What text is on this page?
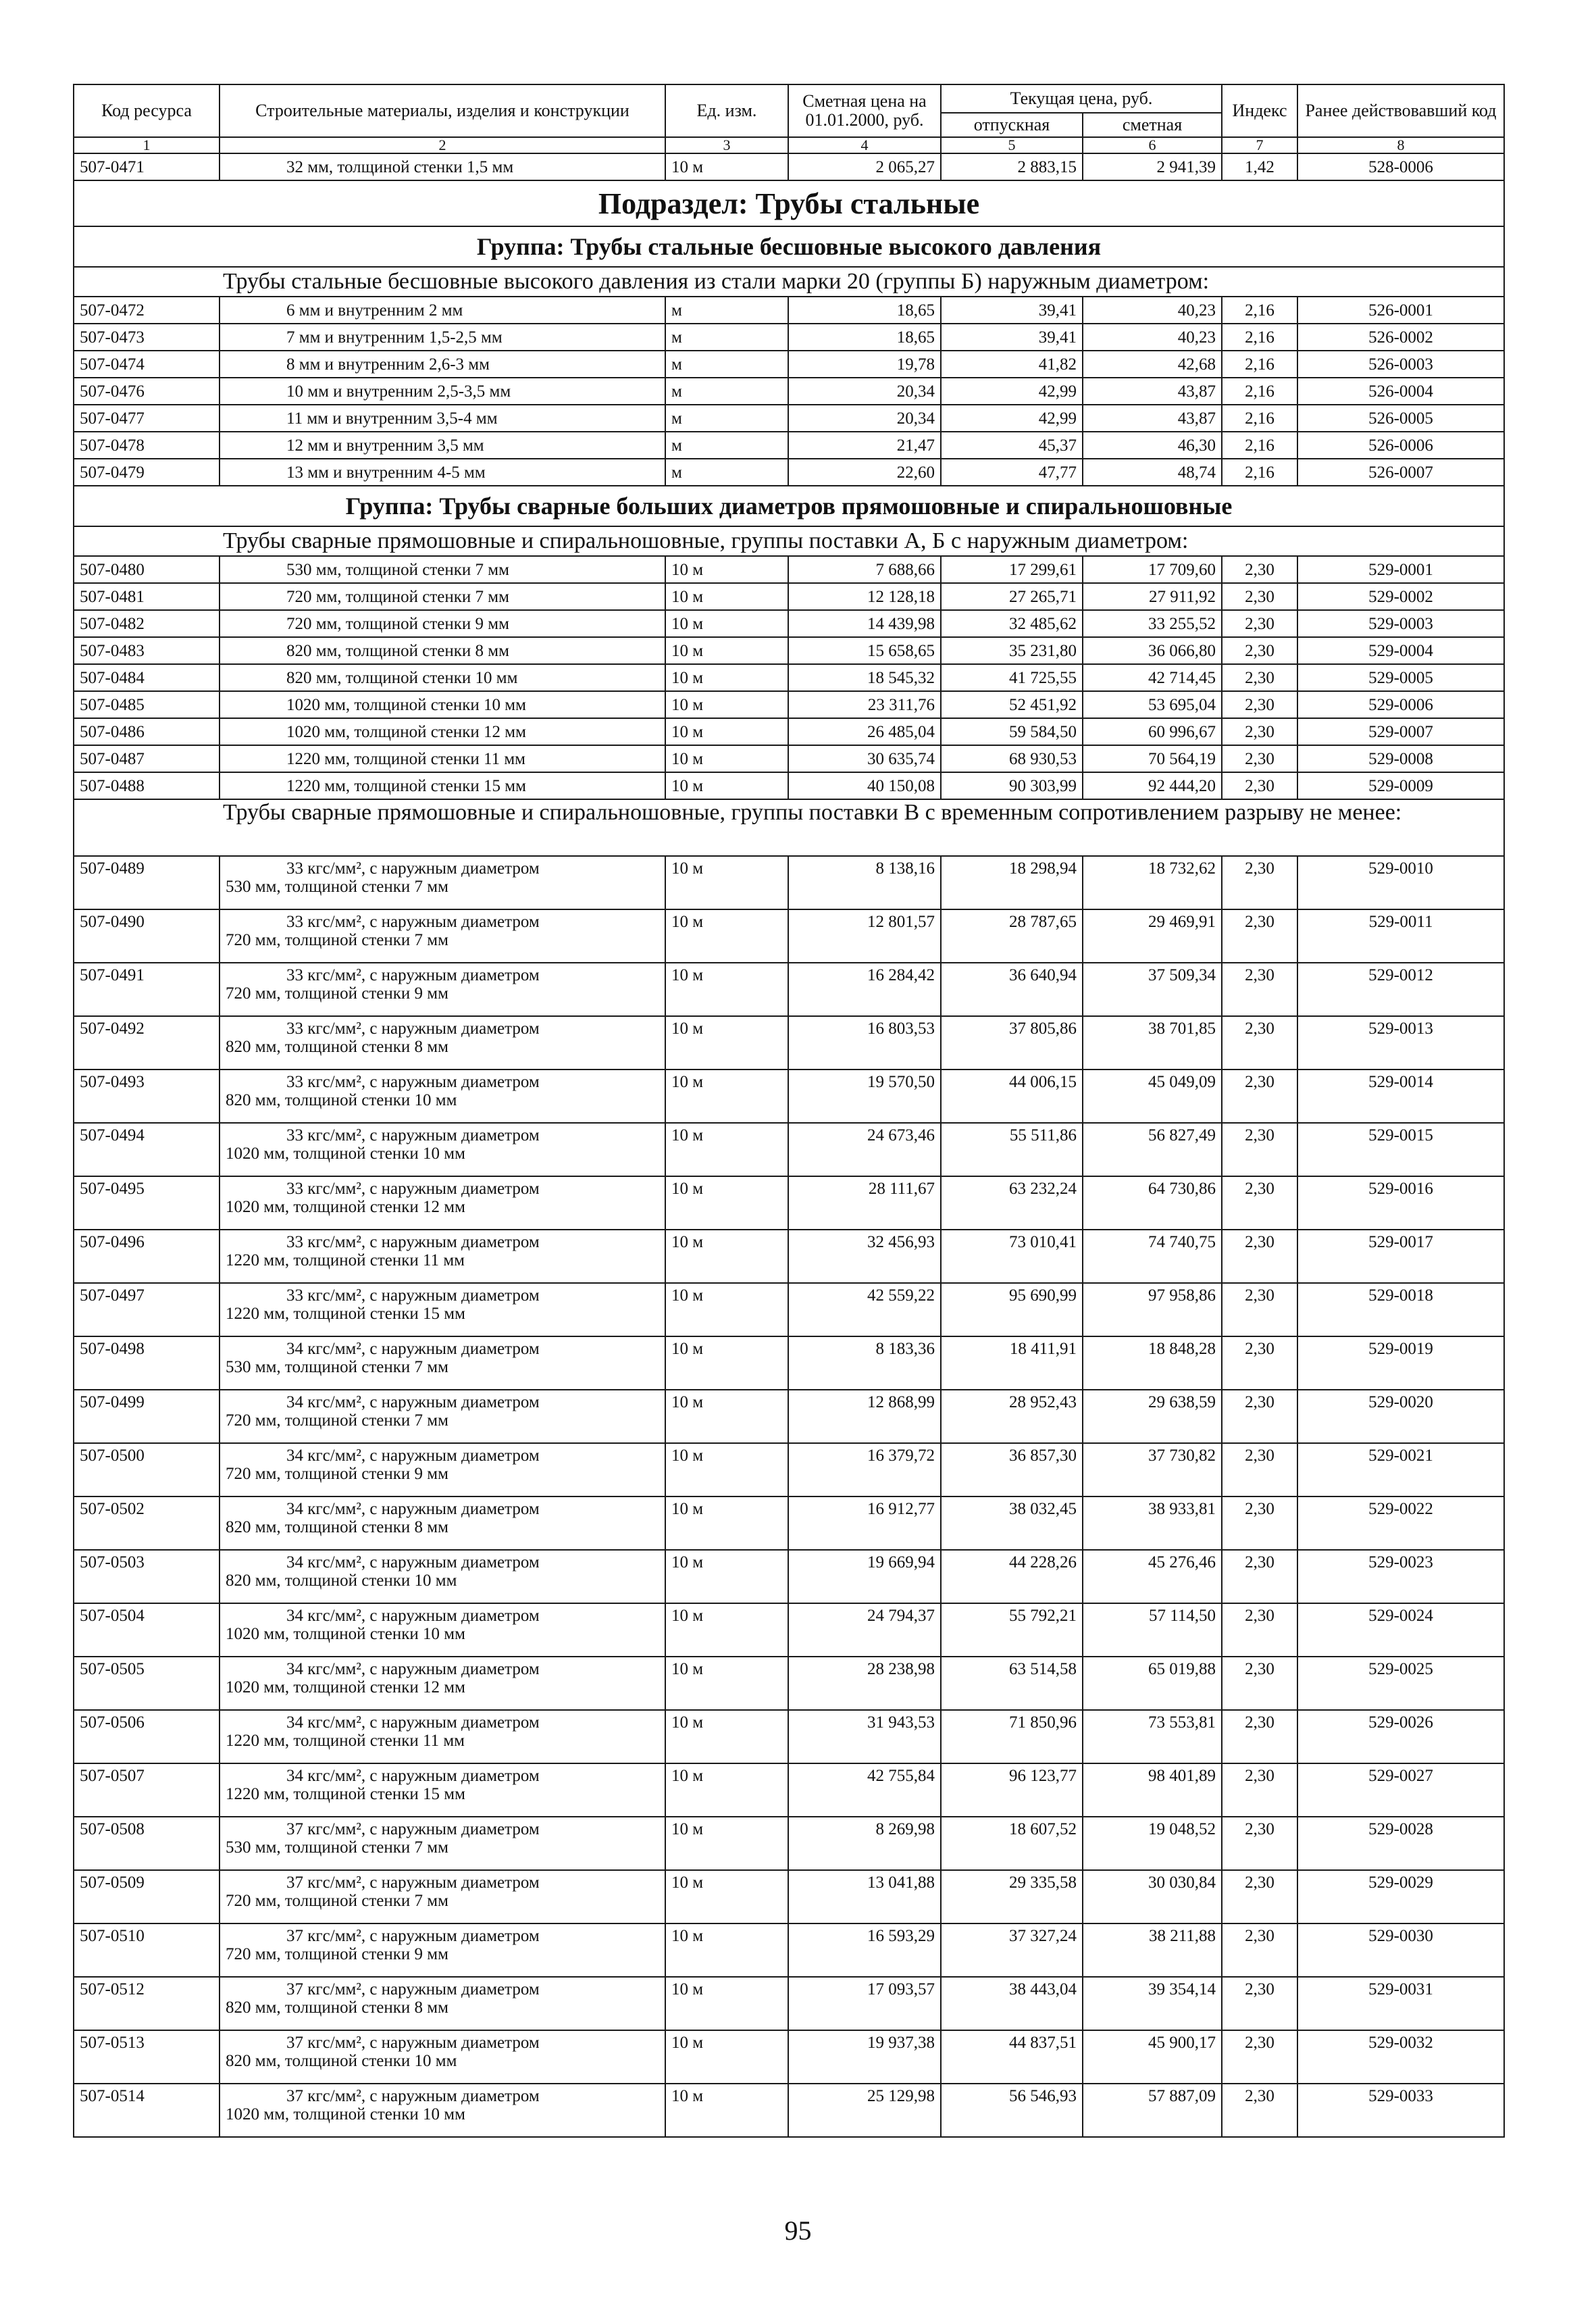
Код ресурса	Строительные материалы, изделия и конструкции	Ед. изм.	Сметная цена на 01.01.2000, руб.	Текущая цена, руб.		Индекс	Ранее действовавший код
				отпускная	сметная		
1	2	3	4	5	6	7	8
507-0471	32 мм, толщиной стенки 1,5 мм	10 м	2 065,27	2 883,15	2 941,39	1,42	528-0006
Подраздел: Трубы стальные							
Группа: Трубы стальные бесшовные высокого давления							
Трубы стальные бесшовные высокого давления из стали марки 20 (группы Б) наружным диаметром:							
507-0472	6 мм и внутренним 2 мм	м	18,65	39,41	40,23	2,16	526-0001
507-0473	7 мм и внутренним 1,5-2,5 мм	м	18,65	39,41	40,23	2,16	526-0002
507-0474	8 мм и внутренним 2,6-3 мм	м	19,78	41,82	42,68	2,16	526-0003
507-0476	10 мм и внутренним 2,5-3,5 мм	м	20,34	42,99	43,87	2,16	526-0004
507-0477	11 мм и внутренним 3,5-4 мм	м	20,34	42,99	43,87	2,16	526-0005
507-0478	12 мм и внутренним 3,5 мм	м	21,47	45,37	46,30	2,16	526-0006
507-0479	13 мм и внутренним 4-5 мм	м	22,60	47,77	48,74	2,16	526-0007
Группа: Трубы сварные больших диаметров прямошовные и спиральношовные							
Трубы сварные прямошовные и спиральношовные, группы поставки А, Б с наружным диаметром:							
507-0480	530 мм, толщиной стенки 7 мм	10 м	7 688,66	17 299,61	17 709,60	2,30	529-0001
507-0481	720 мм, толщиной стенки 7 мм	10 м	12 128,18	27 265,71	27 911,92	2,30	529-0002
507-0482	720 мм, толщиной стенки 9 мм	10 м	14 439,98	32 485,62	33 255,52	2,30	529-0003
507-0483	820 мм, толщиной стенки 8 мм	10 м	15 658,65	35 231,80	36 066,80	2,30	529-0004
507-0484	820 мм, толщиной стенки 10 мм	10 м	18 545,32	41 725,55	42 714,45	2,30	529-0005
507-0485	1020 мм, толщиной стенки 10 мм	10 м	23 311,76	52 451,92	53 695,04	2,30	529-0006
507-0486	1020 мм, толщиной стенки 12 мм	10 м	26 485,04	59 584,50	60 996,67	2,30	529-0007
507-0487	1220 мм, толщиной стенки 11 мм	10 м	30 635,74	68 930,53	70 564,19	2,30	529-0008
507-0488	1220 мм, толщиной стенки 15 мм	10 м	40 150,08	90 303,99	92 444,20	2,30	529-0009
Трубы сварные прямошовные и спиральношовные, группы поставки В с временным сопротивлением разрыву не менее:							
507-0489	33 кгс/мм², с наружным диаметром
530 мм, толщиной стенки 7 мм	10 м	8 138,16	18 298,94	18 732,62	2,30	529-0010
507-0490	33 кгс/мм², с наружным диаметром
720 мм, толщиной стенки 7 мм	10 м	12 801,57	28 787,65	29 469,91	2,30	529-0011
507-0491	33 кгс/мм², с наружным диаметром
720 мм, толщиной стенки 9 мм	10 м	16 284,42	36 640,94	37 509,34	2,30	529-0012
507-0492	33 кгс/мм², с наружным диаметром
820 мм, толщиной стенки 8 мм	10 м	16 803,53	37 805,86	38 701,85	2,30	529-0013
507-0493	33 кгс/мм², с наружным диаметром
820 мм, толщиной стенки 10 мм	10 м	19 570,50	44 006,15	45 049,09	2,30	529-0014
507-0494	33 кгс/мм², с наружным диаметром
1020 мм, толщиной стенки 10 мм	10 м	24 673,46	55 511,86	56 827,49	2,30	529-0015
507-0495	33 кгс/мм², с наружным диаметром
1020 мм, толщиной стенки 12 мм	10 м	28 111,67	63 232,24	64 730,86	2,30	529-0016
507-0496	33 кгс/мм², с наружным диаметром
1220 мм, толщиной стенки 11 мм	10 м	32 456,93	73 010,41	74 740,75	2,30	529-0017
507-0497	33 кгс/мм², с наружным диаметром
1220 мм, толщиной стенки 15 мм	10 м	42 559,22	95 690,99	97 958,86	2,30	529-0018
507-0498	34 кгс/мм², с наружным диаметром
530 мм, толщиной стенки 7 мм	10 м	8 183,36	18 411,91	18 848,28	2,30	529-0019
507-0499	34 кгс/мм², с наружным диаметром
720 мм, толщиной стенки 7 мм	10 м	12 868,99	28 952,43	29 638,59	2,30	529-0020
507-0500	34 кгс/мм², с наружным диаметром
720 мм, толщиной стенки 9 мм	10 м	16 379,72	36 857,30	37 730,82	2,30	529-0021
507-0502	34 кгс/мм², с наружным диаметром
820 мм, толщиной стенки 8 мм	10 м	16 912,77	38 032,45	38 933,81	2,30	529-0022
507-0503	34 кгс/мм², с наружным диаметром
820 мм, толщиной стенки 10 мм	10 м	19 669,94	44 228,26	45 276,46	2,30	529-0023
507-0504	34 кгс/мм², с наружным диаметром
1020 мм, толщиной стенки 10 мм	10 м	24 794,37	55 792,21	57 114,50	2,30	529-0024
507-0505	34 кгс/мм², с наружным диаметром
1020 мм, толщиной стенки 12 мм	10 м	28 238,98	63 514,58	65 019,88	2,30	529-0025
507-0506	34 кгс/мм², с наружным диаметром
1220 мм, толщиной стенки 11 мм	10 м	31 943,53	71 850,96	73 553,81	2,30	529-0026
507-0507	34 кгс/мм², с наружным диаметром
1220 мм, толщиной стенки 15 мм	10 м	42 755,84	96 123,77	98 401,89	2,30	529-0027
507-0508	37 кгс/мм², с наружным диаметром
530 мм, толщиной стенки 7 мм	10 м	8 269,98	18 607,52	19 048,52	2,30	529-0028
507-0509	37 кгс/мм², с наружным диаметром
720 мм, толщиной стенки 7 мм	10 м	13 041,88	29 335,58	30 030,84	2,30	529-0029
507-0510	37 кгс/мм², с наружным диаметром
720 мм, толщиной стенки 9 мм	10 м	16 593,29	37 327,24	38 211,88	2,30	529-0030
507-0512	37 кгс/мм², с наружным диаметром
820 мм, толщиной стенки 8 мм	10 м	17 093,57	38 443,04	39 354,14	2,30	529-0031
507-0513	37 кгс/мм², с наружным диаметром
820 мм, толщиной стенки 10 мм	10 м	19 937,38	44 837,51	45 900,17	2,30	529-0032
507-0514	37 кгс/мм², с наружным диаметром
1020 мм, толщиной стенки 10 мм	10 м	25 129,98	56 546,93	57 887,09	2,30	529-0033
95
